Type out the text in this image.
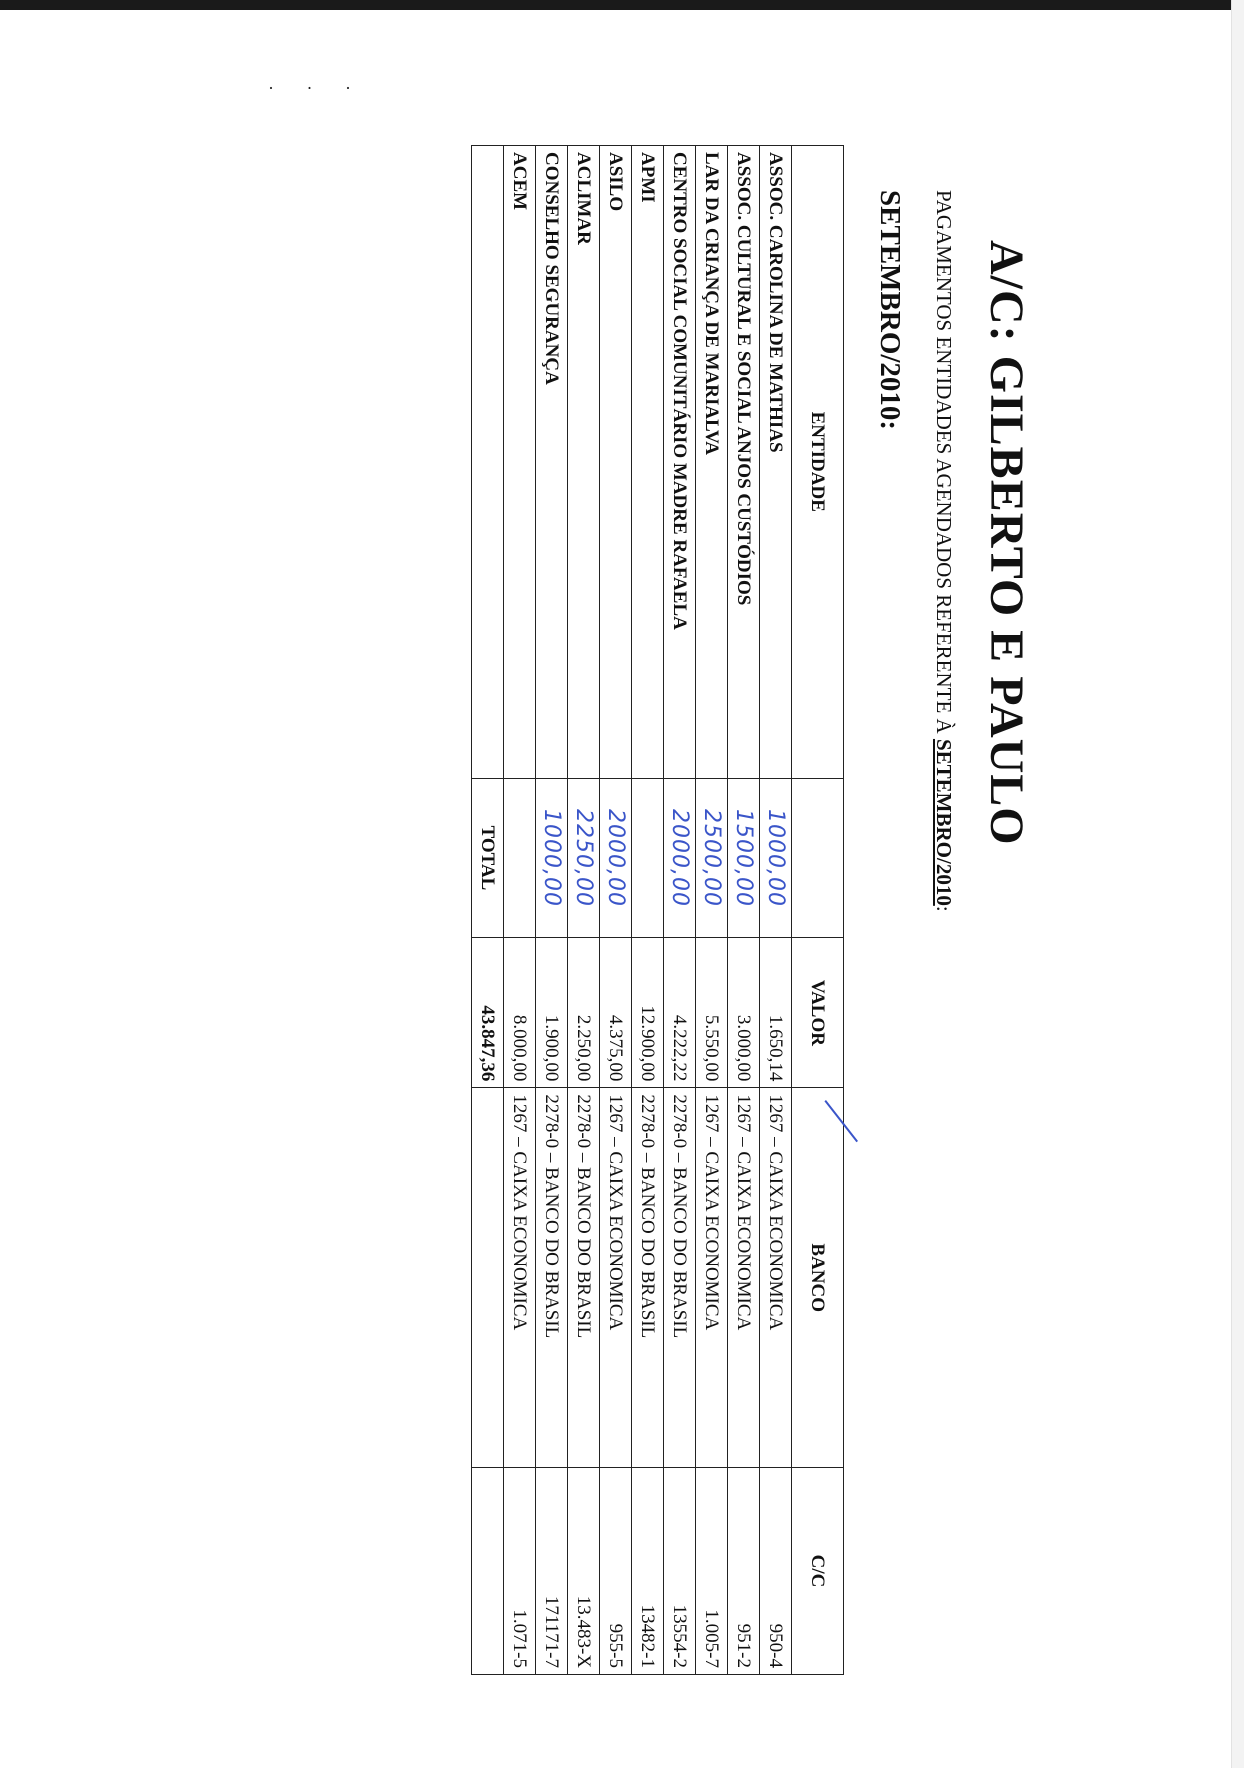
· · ·
A/C: GILBERTO E PAULO

PAGAMENTOS ENTIDADES AGENDADOS REFERENTE À SETEMBRO/2010:

SETEMBRO/2010:
ENTIDADE		VALOR	BANCO	C/C
ASSOC. CAROLINA DE MATHIAS	1000,00	1.650,14	1267 – CAIXA ECONOMICA	950-4
ASSOC. CULTURAL E SOCIAL ANJOS CUSTÓDIOS	1500,00	3.000,00	1267 – CAIXA ECONOMICA	951-2
LAR DA CRIANÇA DE MARIALVA	2500,00	5.550,00	1267 – CAIXA ECONOMICA	1.005-7
CENTRO SOCIAL COMUNITÁRIO MADRE RAFAELA	2000,00	4.222,22	2278-0 – BANCO DO BRASIL	13554-2
APMI		12.900,00	2278-0 – BANCO DO BRASIL	13482-1
ASILO	2000,00	4.375,00	1267 – CAIXA ECONOMICA	955-5
ACLIMAR	2250,00	2.250,00	2278-0 – BANCO DO BRASIL	13.483-X
CONSELHO SEGURANÇA	1000,00	1.900,00	2278-0 – BANCO DO BRASIL	171171-7
ACEM		8.000,00	1267 – CAIXA ECONOMICA	1.071-5
	TOTAL	43.847,36		
